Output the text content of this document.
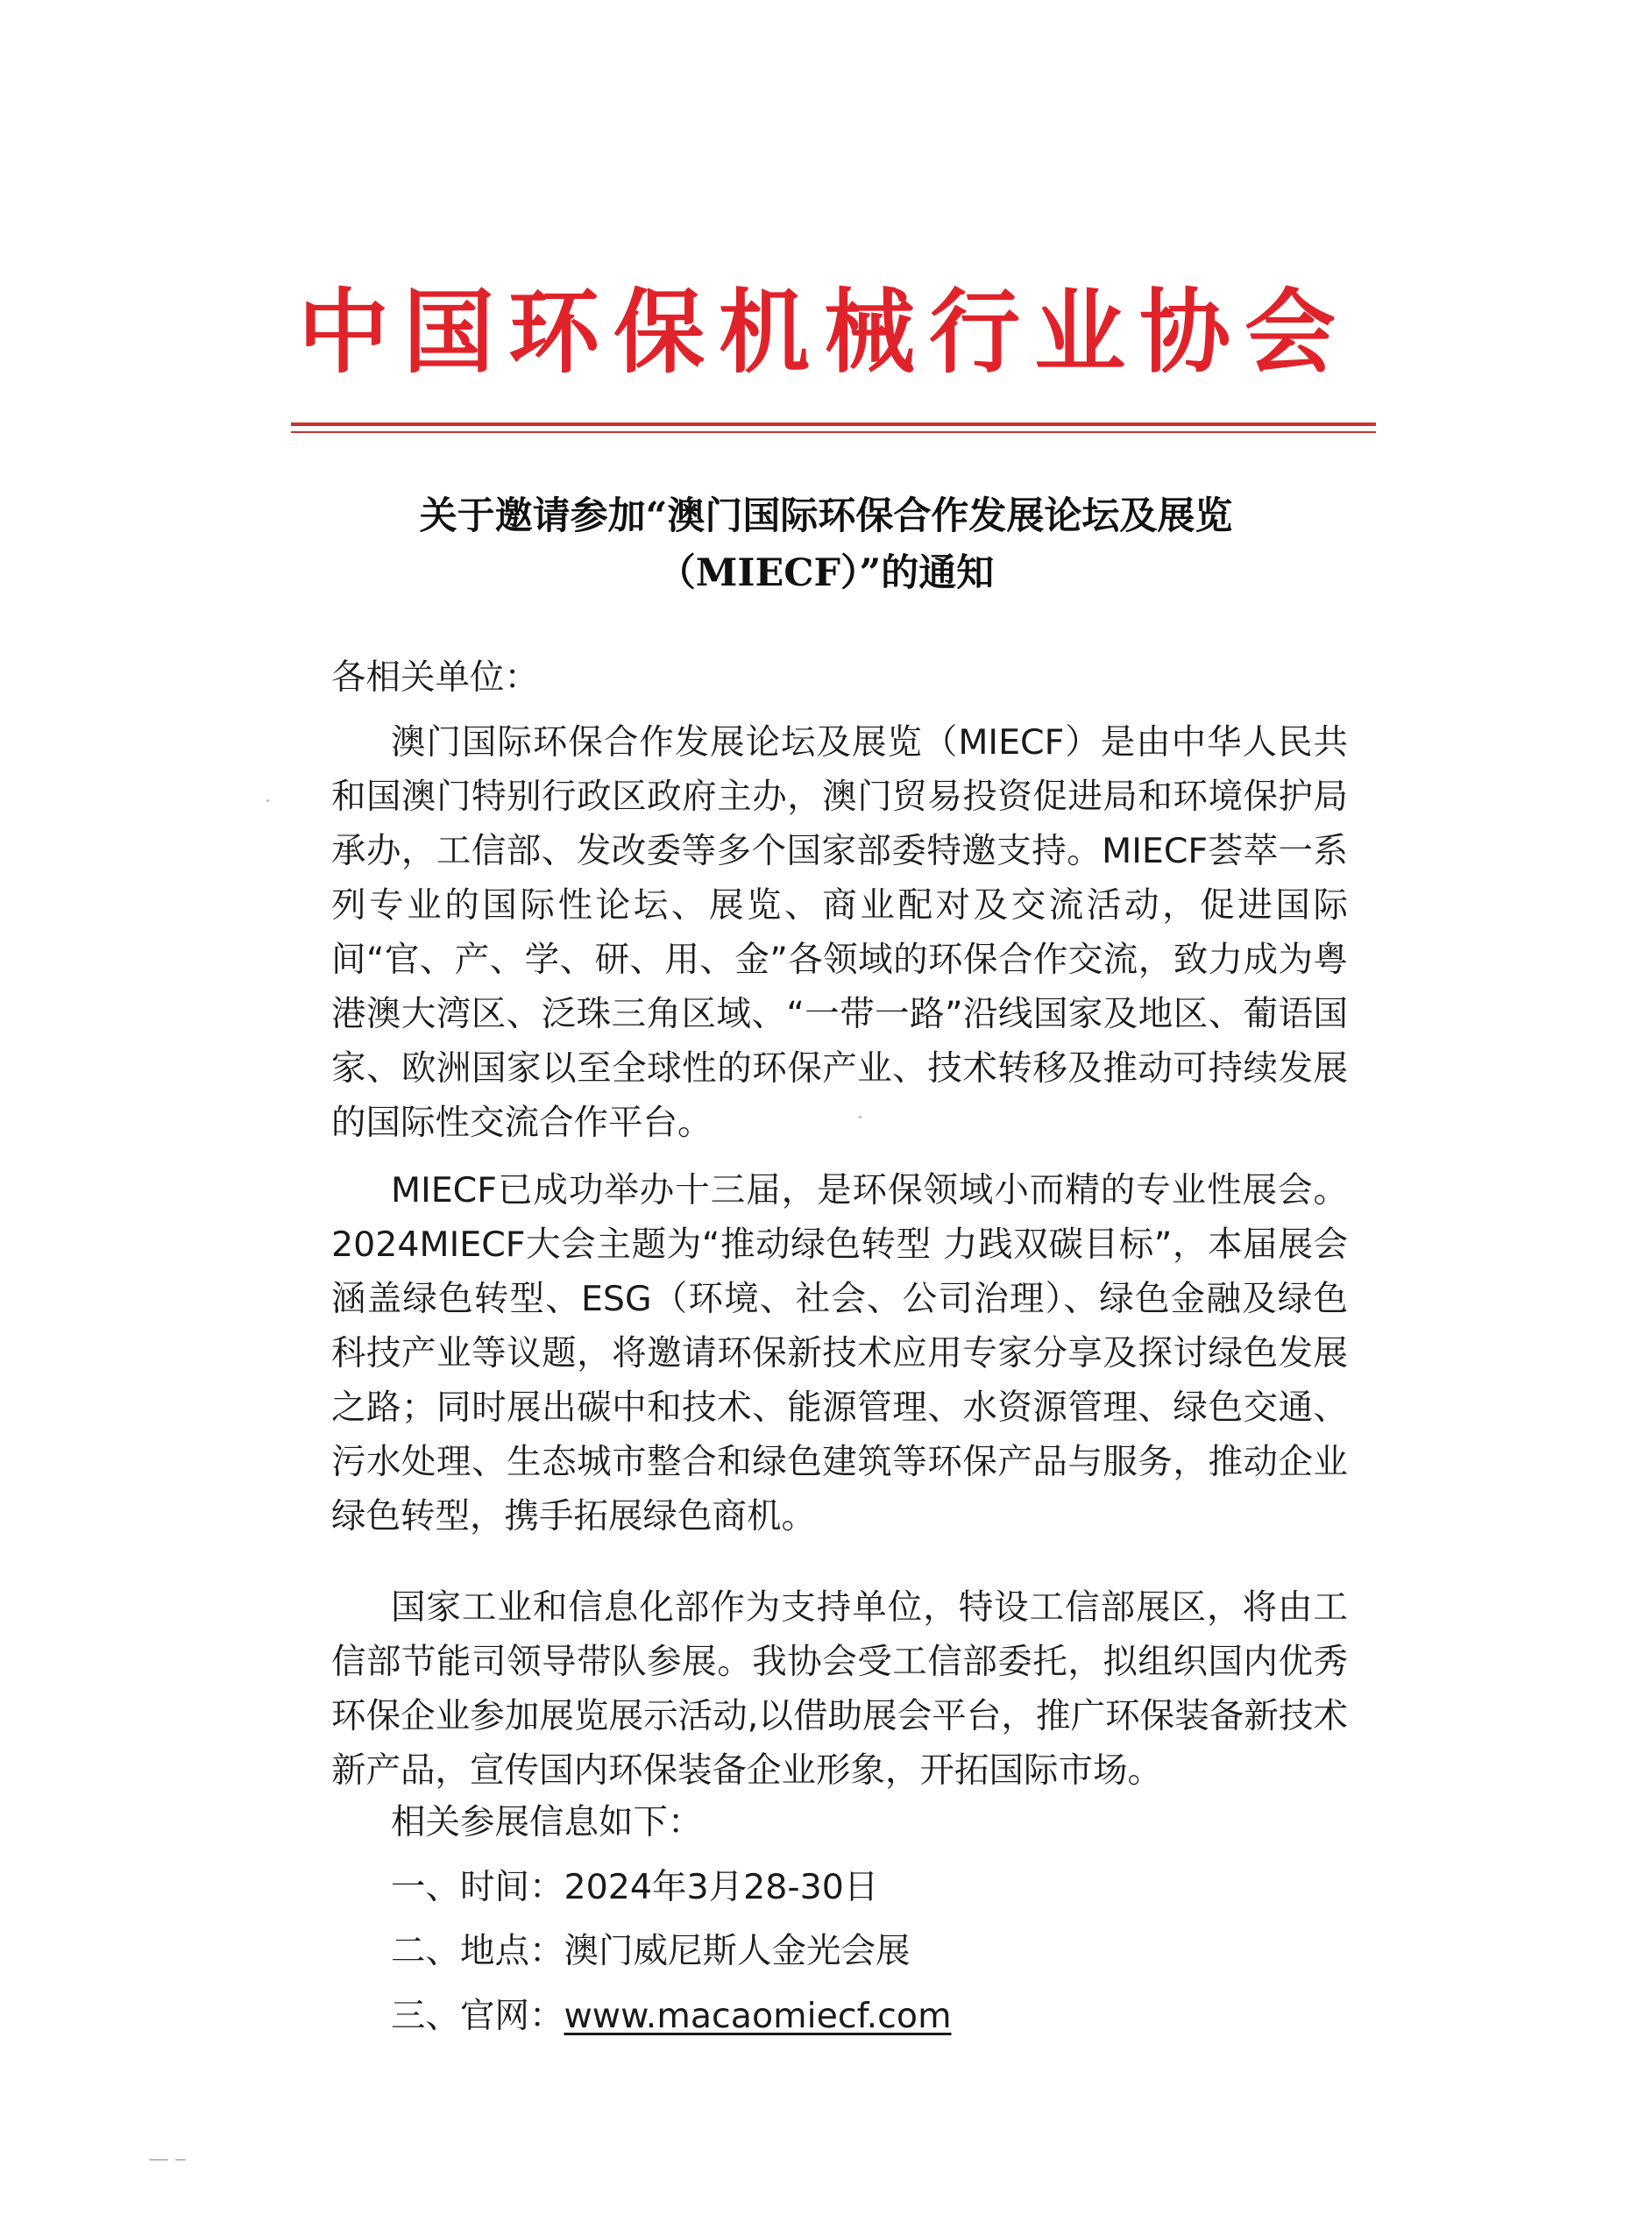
中国环保机械行业协会
关于邀请参加“澳门国际环保合作发展论坛及展览
（MIECF）”的通知
各相关单位：
澳门国际环保合作发展论坛及展览（MIECF）是由中华人民共和国澳门特别行政区政府主办，澳门贸易投资促进局和环境保护局承办，工信部、发改委等多个国家部委特邀支持。MIECF荟萃一系列专业的国际性论坛、展览、商业配对及交流活动，促进国际间“官、产、学、研、用、金”各领域的环保合作交流，致力成为粤港澳大湾区、泛珠三角区域、“一带一路”沿线国家及地区、葡语国家、欧洲国家以至全球性的环保产业、技术转移及推动可持续发展的国际性交流合作平台。
MIECF已成功举办十三届，是环保领域小而精的专业性展会。2024MIECF大会主题为“推动绿色转型 力践双碳目标”，本届展会涵盖绿色转型、ESG（环境、社会、公司治理）、绿色金融及绿色科技产业等议题，将邀请环保新技术应用专家分享及探讨绿色发展之路；同时展出碳中和技术、能源管理、水资源管理、绿色交通、污水处理、生态城市整合和绿色建筑等环保产品与服务，推动企业绿色转型，携手拓展绿色商机。
国家工业和信息化部作为支持单位，特设工信部展区，将由工信部节能司领导带队参展。我协会受工信部委托，拟组织国内优秀环保企业参加展览展示活动,以借助展会平台，推广环保装备新技术新产品，宣传国内环保装备企业形象，开拓国际市场。
相关参展信息如下：
一、时间：2024年3月28-30日
二、地点：澳门威尼斯人金光会展
三、官网：www.macaomiecf.com
